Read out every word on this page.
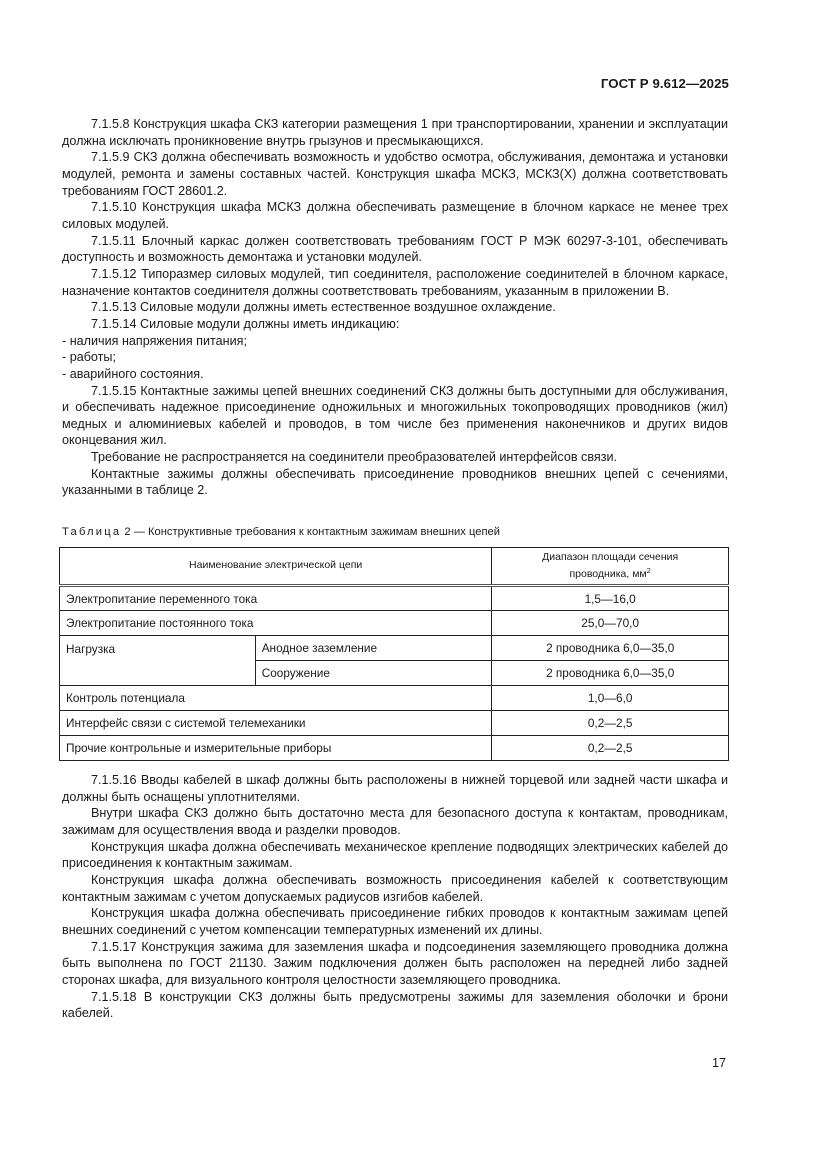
ГОСТ Р 9.612—2025

7.1.5.8 Конструкция шкафа СКЗ категории размещения 1 при транспортировании, хранении и эксплуатации должна исключать проникновение внутрь грызунов и пресмыкающихся.

7.1.5.9 СКЗ должна обеспечивать возможность и удобство осмотра, обслуживания, демонтажа и установки модулей, ремонта и замены составных частей. Конструкция шкафа МСКЗ, МСКЗ(Х) должна соответствовать требованиям ГОСТ 28601.2.

7.1.5.10 Конструкция шкафа МСКЗ должна обеспечивать размещение в блочном каркасе не менее трех силовых модулей.

7.1.5.11 Блочный каркас должен соответствовать требованиям ГОСТ Р МЭК 60297-3-101, обеспечивать доступность и возможность демонтажа и установки модулей.

7.1.5.12 Типоразмер силовых модулей, тип соединителя, расположение соединителей в блочном каркасе, назначение контактов соединителя должны соответствовать требованиям, указанным в приложении В.

7.1.5.13 Силовые модули должны иметь естественное воздушное охлаждение.

7.1.5.14 Силовые модули должны иметь индикацию:

- наличия напряжения питания;

- работы;

- аварийного состояния.

7.1.5.15 Контактные зажимы цепей внешних соединений СКЗ должны быть доступными для обслуживания, и обеспечивать надежное присоединение одножильных и многожильных токопроводящих проводников (жил) медных и алюминиевых кабелей и проводов, в том числе без применения наконечников и других видов оконцевания жил.

Требование не распространяется на соединители преобразователей интерфейсов связи.

Контактные зажимы должны обеспечивать присоединение проводников внешних цепей с сечениями, указанными в таблице 2.

Таблица 2 — Конструктивные требования к контактным зажимам внешних цепей
Наименование электрической цепи		Диапазон площади сечения
проводника, $мм^2$
Электропитание переменного тока		1,5—16,0
Электропитание постоянного тока		25,0—70,0
Нагрузка	Анодное заземление	2 проводника 6,0—35,0
	Сооружение	2 проводника 6,0—35,0
Контроль потенциала		1,0—6,0
Интерфейс связи с системой телемеханики		0,2—2,5
Прочие контрольные и измерительные приборы		0,2—2,5

7.1.5.16 Вводы кабелей в шкаф должны быть расположены в нижней торцевой или задней части шкафа и должны быть оснащены уплотнителями.

Внутри шкафа СКЗ должно быть достаточно места для безопасного доступа к контактам, проводникам, зажимам для осуществления ввода и разделки проводов.

Конструкция шкафа должна обеспечивать механическое крепление подводящих электрических кабелей до присоединения к контактным зажимам.

Конструкция шкафа должна обеспечивать возможность присоединения кабелей к соответствующим контактным зажимам с учетом допускаемых радиусов изгибов кабелей.

Конструкция шкафа должна обеспечивать присоединение гибких проводов к контактным зажимам цепей внешних соединений с учетом компенсации температурных изменений их длины.

7.1.5.17 Конструкция зажима для заземления шкафа и подсоединения заземляющего проводника должна быть выполнена по ГОСТ 21130. Зажим подключения должен быть расположен на передней либо задней сторонах шкафа, для визуального контроля целостности заземляющего проводника.

7.1.5.18 В конструкции СКЗ должны быть предусмотрены зажимы для заземления оболочки и брони кабелей.

17
